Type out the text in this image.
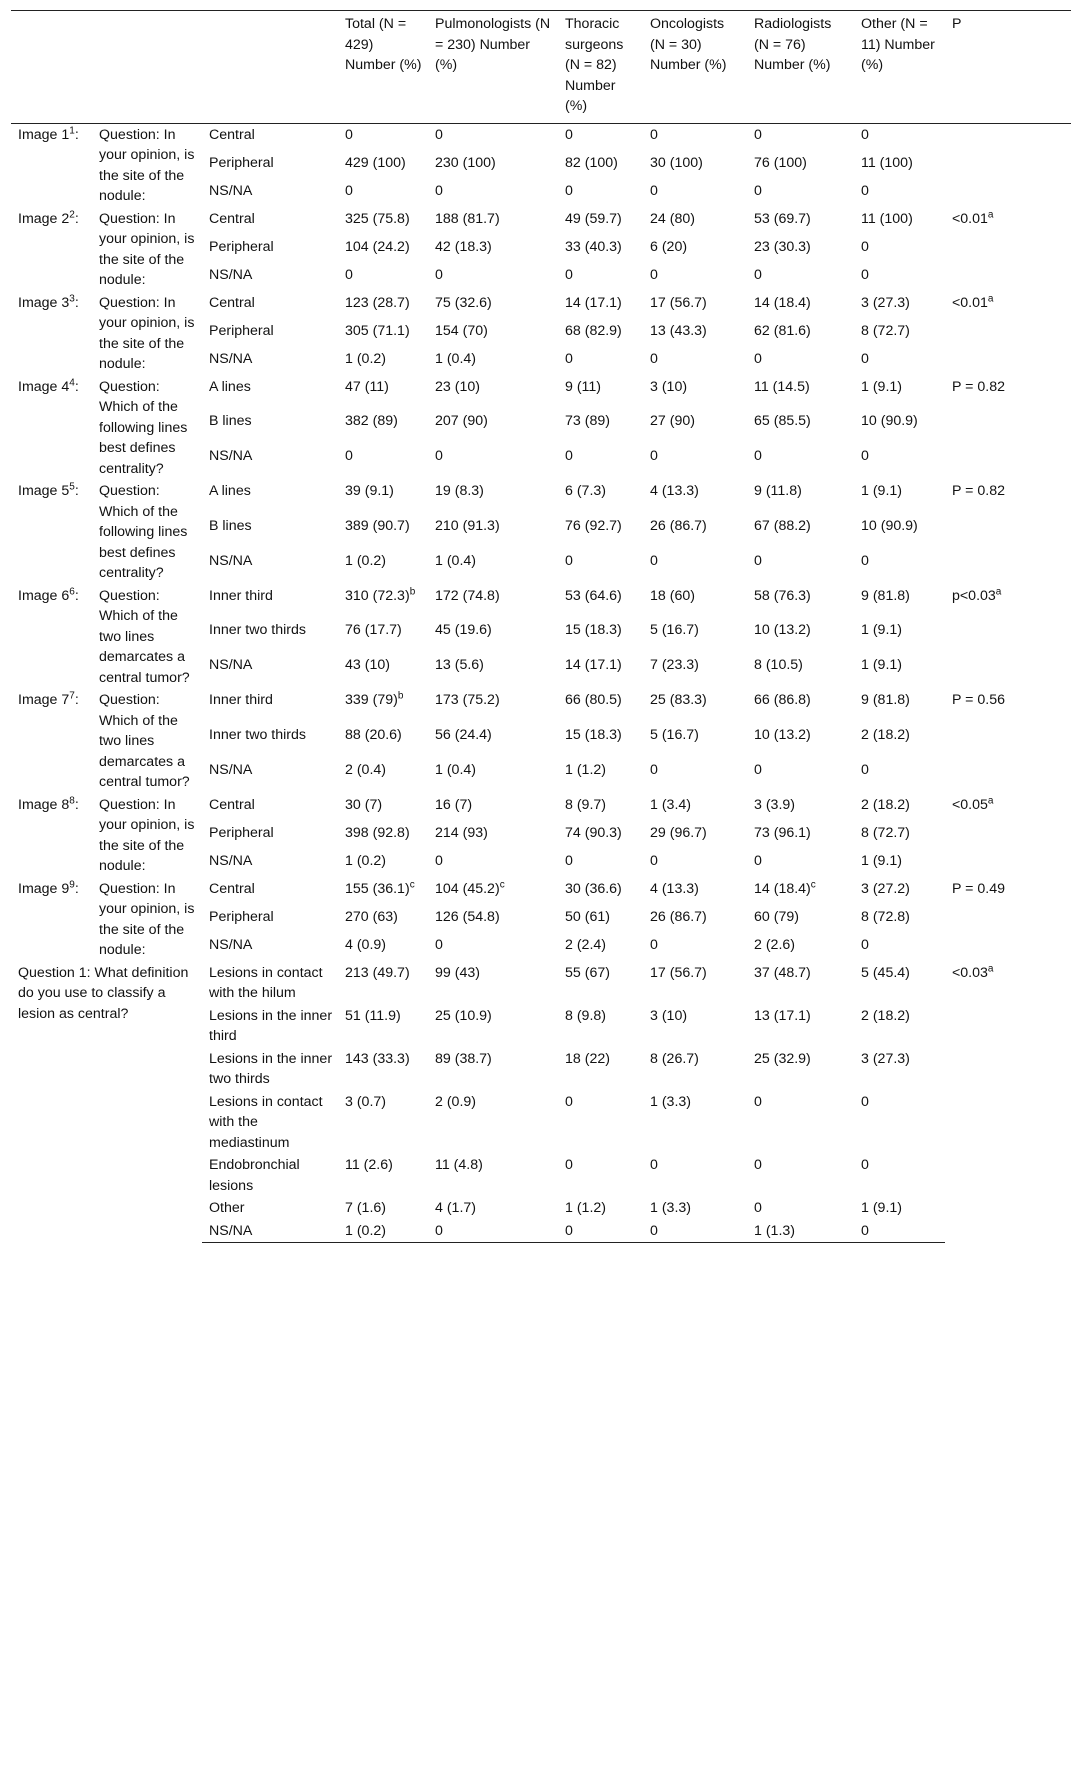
			Total (N = 429) Number (%)	Pulmonologists (N = 230) Number (%)	Thoracic surgeons (N = 82) Number (%)	Oncologists (N = 30) Number (%)	Radiologists (N = 76) Number (%)	Other (N = 11) Number (%)	P
Image $1^1$:	Question: In your opinion, is the site of the nodule:	Central	0	0	0	0	0	0	
		Peripheral	429 (100)	230 (100)	82 (100)	30 (100)	76 (100)	11 (100)	
		NS/NA	0	0	0	0	0	0	
Image $2^2$:	Question: In your opinion, is the site of the nodule:	Central	325 (75.8)	188 (81.7)	49 (59.7)	24 (80)	53 (69.7)	11 (100)	<0.01$^a$
		Peripheral	104 (24.2)	42 (18.3)	33 (40.3)	6 (20)	23 (30.3)	0	
		NS/NA	0	0	0	0	0	0	
Image $3^3$:	Question: In your opinion, is the site of the nodule:	Central	123 (28.7)	75 (32.6)	14 (17.1)	17 (56.7)	14 (18.4)	3 (27.3)	<0.01$^a$
		Peripheral	305 (71.1)	154 (70)	68 (82.9)	13 (43.3)	62 (81.6)	8 (72.7)	
		NS/NA	1 (0.2)	1 (0.4)	0	0	0	0	
Image $4^4$:	Question: Which of the following lines best defines centrality?	A lines	47 (11)	23 (10)	9 (11)	3 (10)	11 (14.5)	1 (9.1)	P = 0.82
		B lines	382 (89)	207 (90)	73 (89)	27 (90)	65 (85.5)	10 (90.9)	
		NS/NA	0	0	0	0	0	0	
Image $5^5$:	Question: Which of the following lines best defines centrality?	A lines	39 (9.1)	19 (8.3)	6 (7.3)	4 (13.3)	9 (11.8)	1 (9.1)	P = 0.82
		B lines	389 (90.7)	210 (91.3)	76 (92.7)	26 (86.7)	67 (88.2)	10 (90.9)	
		NS/NA	1 (0.2)	1 (0.4)	0	0	0	0	
Image $6^6$:	Question: Which of the two lines demarcates a central tumor?	Inner third	310 $(72.3)^b$	172 (74.8)	53 (64.6)	18 (60)	58 (76.3)	9 (81.8)	p<0.03$^a$
		Inner two thirds	76 (17.7)	45 (19.6)	15 (18.3)	5 (16.7)	10 (13.2)	1 (9.1)	
		NS/NA	43 (10)	13 (5.6)	14 (17.1)	7 (23.3)	8 (10.5)	1 (9.1)	
Image $7^7$:	Question: Which of the two lines demarcates a central tumor?	Inner third	339 $(79)^b$	173 (75.2)	66 (80.5)	25 (83.3)	66 (86.8)	9 (81.8)	P = 0.56
		Inner two thirds	88 (20.6)	56 (24.4)	15 (18.3)	5 (16.7)	10 (13.2)	2 (18.2)	
		NS/NA	2 (0.4)	1 (0.4)	1 (1.2)	0	0	0	
Image $8^8$:	Question: In your opinion, is the site of the nodule:	Central	30 (7)	16 (7)	8 (9.7)	1 (3.4)	3 (3.9)	2 (18.2)	<0.05$^a$
		Peripheral	398 (92.8)	214 (93)	74 (90.3)	29 (96.7)	73 (96.1)	8 (72.7)	
		NS/NA	1 (0.2)	0	0	0	0	1 (9.1)	
Image $9^9$:	Question: In your opinion, is the site of the nodule:	Central	155 $(36.1)^c$	104 $(45.2)^c$	30 (36.6)	4 (13.3)	14 $(18.4)^c$	3 (27.2)	P = 0.49
		Peripheral	270 (63)	126 (54.8)	50 (61)	26 (86.7)	60 (79)	8 (72.8)	
		NS/NA	4 (0.9)	0	2 (2.4)	0	2 (2.6)	0	
Question 1: What definition do you use to classify a lesion as central?		Lesions in contact with the hilum	213 (49.7)	99 (43)	55 (67)	17 (56.7)	37 (48.7)	5 (45.4)	<0.03$^a$
		Lesions in the inner third	51 (11.9)	25 (10.9)	8 (9.8)	3 (10)	13 (17.1)	2 (18.2)	
		Lesions in the inner two thirds	143 (33.3)	89 (38.7)	18 (22)	8 (26.7)	25 (32.9)	3 (27.3)	
		Lesions in contact with the mediastinum	3 (0.7)	2 (0.9)	0	1 (3.3)	0	0	
		Endobronchial lesions	11 (2.6)	11 (4.8)	0	0	0	0	
		Other	7 (1.6)	4 (1.7)	1 (1.2)	1 (3.3)	0	1 (9.1)	
		NS/NA	1 (0.2)	0	0	0	1 (1.3)	0	
